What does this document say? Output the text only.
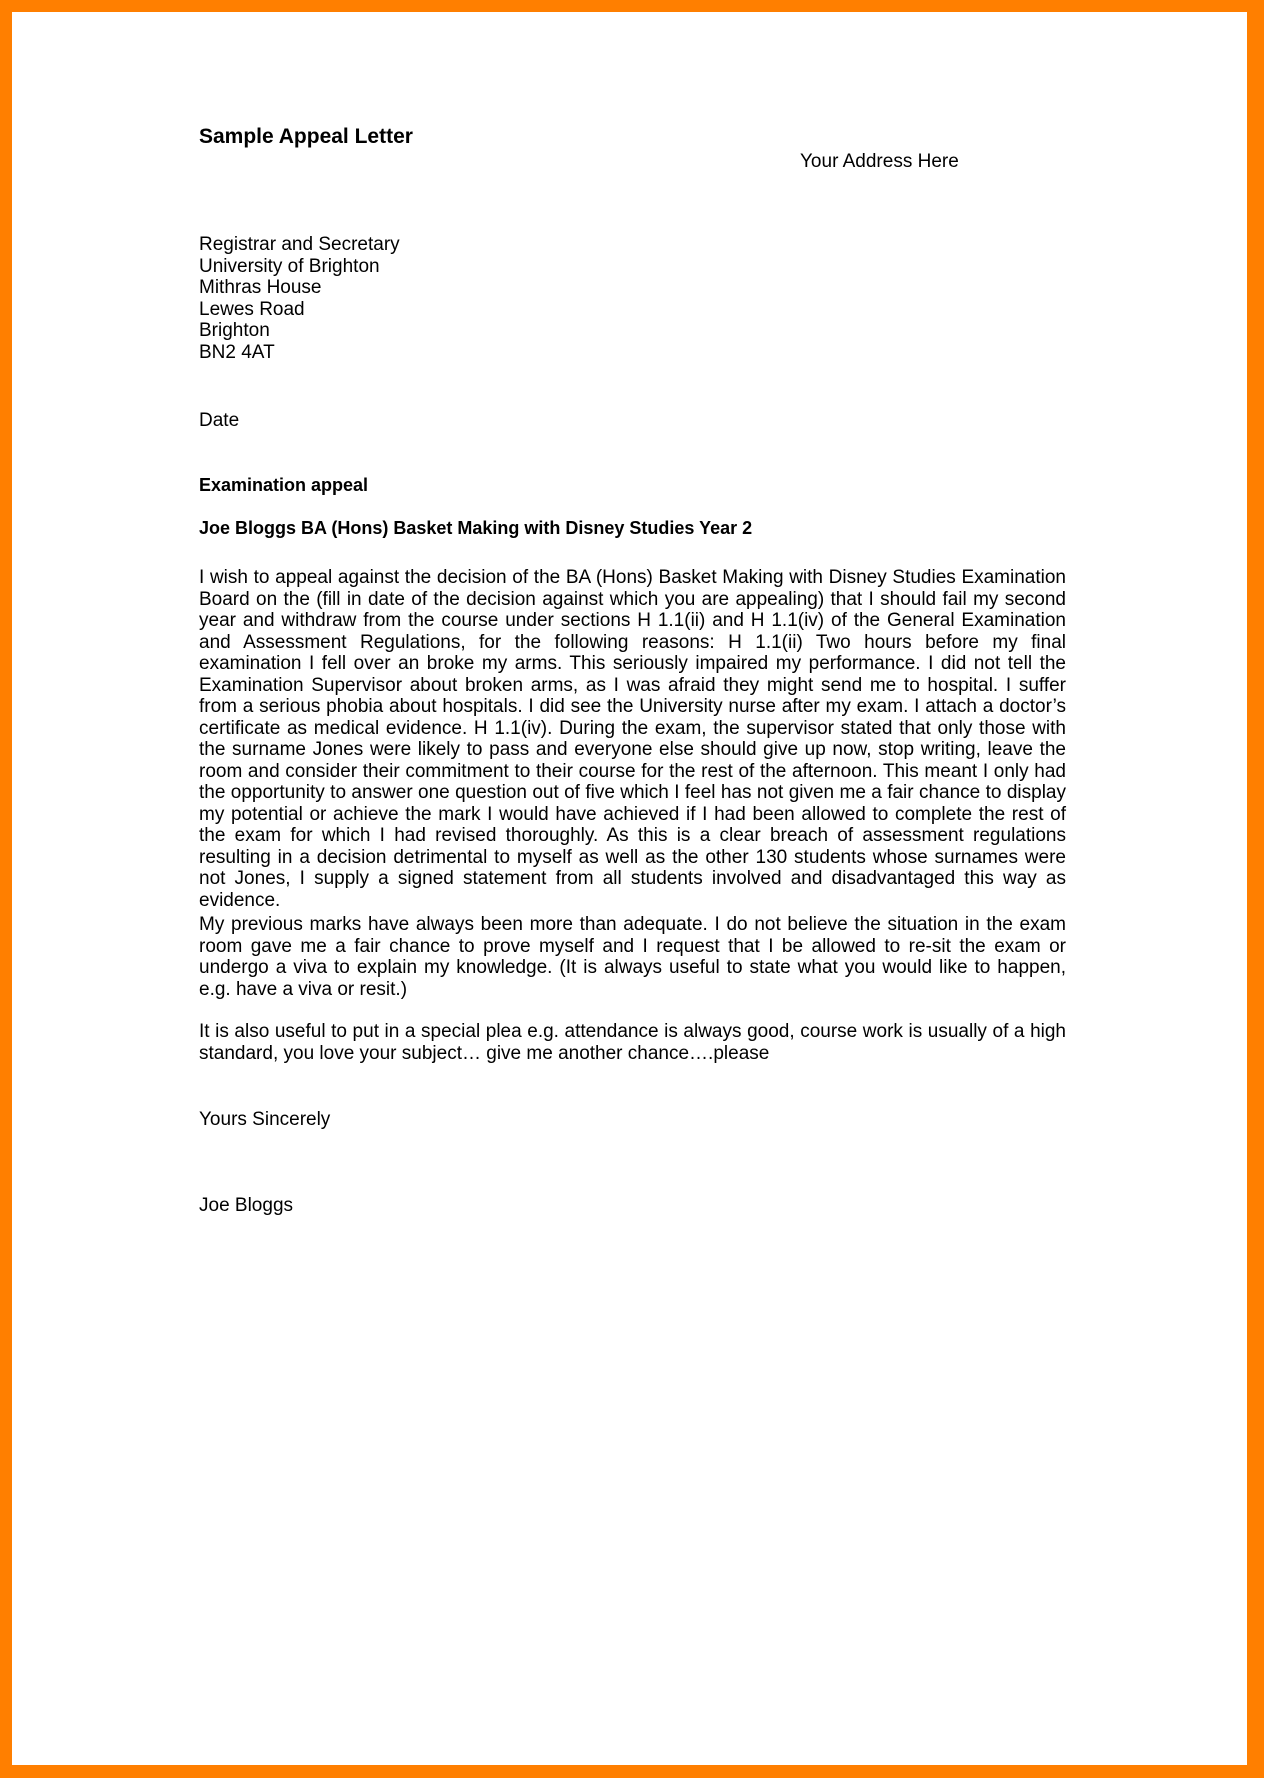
Sample Appeal Letter
Your Address Here
Registrar and Secretary
University of Brighton
Mithras House
Lewes Road
Brighton
BN2 4AT
Date
Examination appeal
Joe Bloggs BA (Hons) Basket Making with Disney Studies Year 2

I wish to appeal against the decision of the BA (Hons) Basket Making with Disney Studies Examination Board on the (fill in date of the decision against which you are appealing) that I should fail my second year and withdraw from the course under sections H 1.1(ii) and H 1.1(iv) of the General Examination and Assessment Regulations, for the following reasons: H 1.1(ii) Two hours before my final examination I fell over an broke my arms. This seriously impaired my performance. I did not tell the Examination Supervisor about broken arms, as I was afraid they might send me to hospital. I suffer from a serious phobia about hospitals. I did see the University nurse after my exam. I attach a doctor’s certificate as medical evidence. H 1.1(iv). During the exam, the supervisor stated that only those with the surname Jones were likely to pass and everyone else should give up now, stop writing, leave the room and consider their commitment to their course for the rest of the afternoon. This meant I only had the opportunity to answer one question out of five which I feel has not given me a fair chance to display my potential or achieve the mark I would have achieved if I had been allowed to complete the rest of the exam for which I had revised thoroughly. As this is a clear breach of assessment regulations resulting in a decision detrimental to myself as well as the other 130 students whose surnames were not Jones, I supply a signed statement from all students involved and disadvantaged this way as evidence.

My previous marks have always been more than adequate. I do not believe the situation in the exam room gave me a fair chance to prove myself and I request that I be allowed to re-sit the exam or undergo a viva to explain my knowledge. (It is always useful to state what you would like to happen, e.g. have a viva or resit.)

It is also useful to put in a special plea e.g. attendance is always good, course work is usually of a high standard, you love your subject… give me another chance….please

Yours Sincerely
Joe Bloggs
